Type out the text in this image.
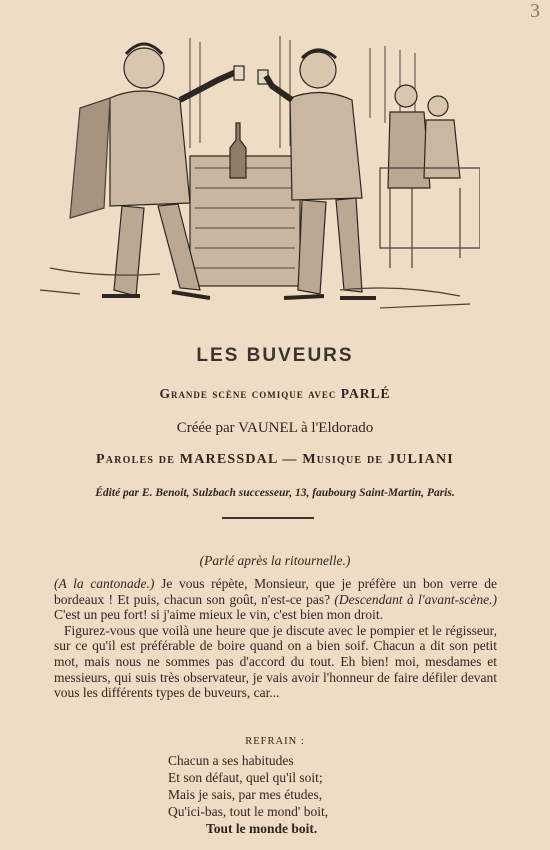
3
LES BUVEURS
Grande scène comique avec PARLÉ
Créée par VAUNEL à l'Eldorado
Paroles de MARESSDAL — Musique de JULIANI
Édité par E. Benoit, Sulzbach successeur, 13, faubourg Saint-Martin, Paris.
(Parlé après la ritournelle.)

(A la cantonade.) Je vous répète, Monsieur, que je préfère un bon verre de bordeaux ! Et puis, chacun son goût, n'est-ce pas? (Descendant à l'avant-scène.) C'est un peu fort! si j'aime mieux le vin, c'est bien mon droit.

Figurez-vous que voilà une heure que je discute avec le pompier et le régisseur, sur ce qu'il est préférable de boire quand on a bien soif. Chacun a dit son petit mot, mais nous ne sommes pas d'accord du tout. Eh bien! moi, mesdames et messieurs, qui suis très observateur, je vais avoir l'honneur de faire défiler devant vous les différents types de buveurs, car...

REFRAIN :
Chacun a ses habitudes
Et son défaut, quel qu'il soit;
Mais je sais, par mes études,
Qu'ici-bas, tout le mond' boit,
Tout le monde boit.
